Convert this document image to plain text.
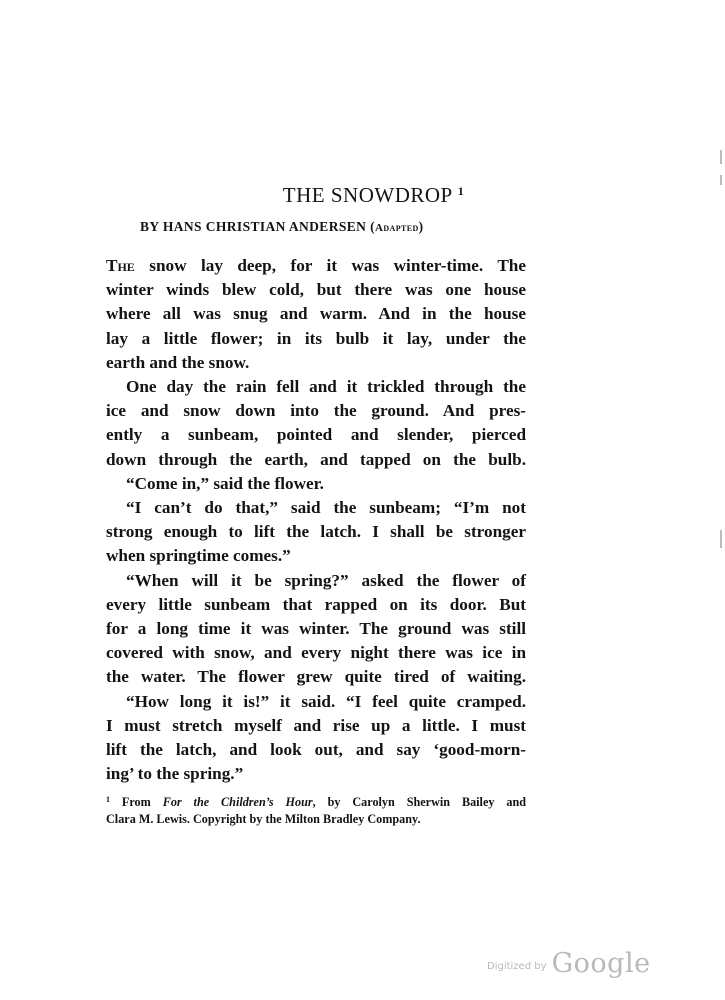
THE SNOWDROP $^1$
BY HANS CHRISTIAN ANDERSEN (Adapted)

The snow lay deep, for it was winter-time. The
winter winds blew cold, but there was one house
where all was snug and warm. And in the house
lay a little flower; in its bulb it lay, under the
earth and the snow.

One day the rain fell and it trickled through the
ice and snow down into the ground. And pres-
ently a sunbeam, pointed and slender, pierced
down through the earth, and tapped on the bulb.

“Come in,” said the flower.

“I can’t do that,” said the sunbeam; “I’m not
strong enough to lift the latch. I shall be stronger
when springtime comes.”

“When will it be spring?” asked the flower of
every little sunbeam that rapped on its door. But
for a long time it was winter. The ground was still
covered with snow, and every night there was ice in
the water. The flower grew quite tired of waiting.

“How long it is!” it said. “I feel quite cramped.
I must stretch myself and rise up a little. I must
lift the latch, and look out, and say ‘good-morn-
ing’ to the spring.”

$^1$ From For the Children’s Hour, by Carolyn Sherwin Bailey and
Clara M. Lewis. Copyright by the Milton Bradley Company.
Digitized by Google
